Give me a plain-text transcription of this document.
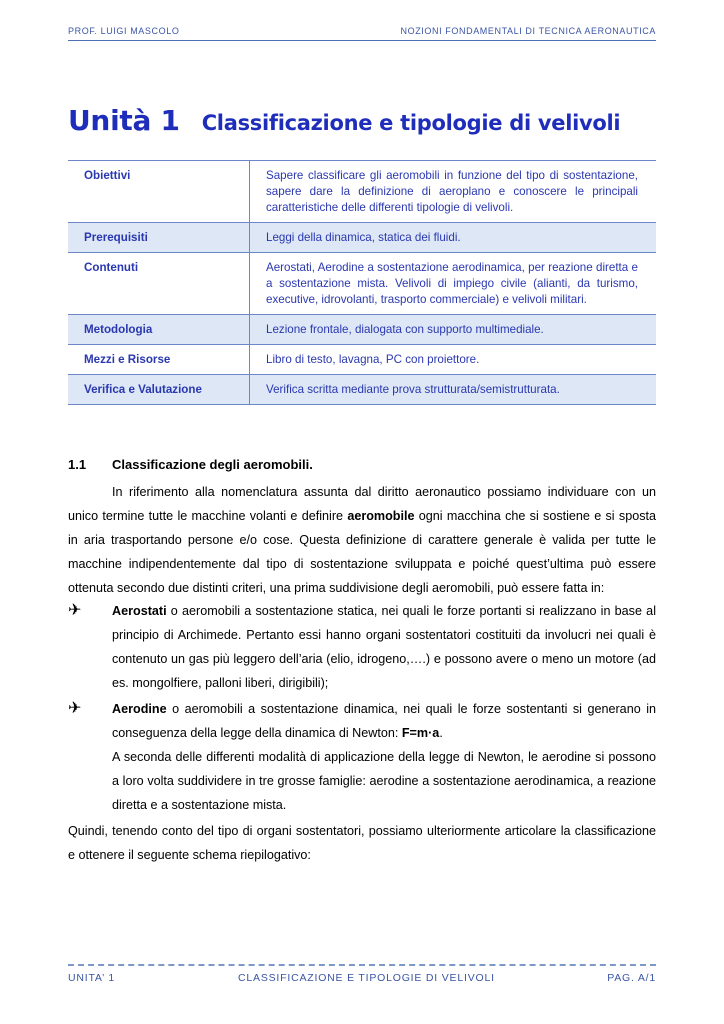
PROF. LUIGI MASCOLO	NOZIONI FONDAMENTALI DI TECNICA AERONAUTICA
Unità 1 Classificazione e tipologie di velivoli
Obiettivi	Sapere classificare gli aeromobili in funzione del tipo di sostentazione, sapere dare la definizione di aeroplano e conoscere le principali caratteristiche delle differenti tipologie di velivoli.
Prerequisiti	Leggi della dinamica, statica dei fluidi.
Contenuti	Aerostati, Aerodine a sostentazione aerodinamica, per reazione diretta e a sostentazione mista. Velivoli di impiego civile (alianti, da turismo, executive, idrovolanti, trasporto commerciale) e velivoli militari.
Metodologia	Lezione frontale, dialogata con supporto multimediale.
Mezzi e Risorse	Libro di testo, lavagna, PC con proiettore.
Verifica e Valutazione	Verifica scritta mediante prova strutturata/semistrutturata.
1.1 Classificazione degli aeromobili.
In riferimento alla nomenclatura assunta dal diritto aeronautico possiamo individuare con un unico termine tutte le macchine volanti e definire aeromobile ogni macchina che si sostiene e si sposta in aria trasportando persone e/o cose. Questa definizione di carattere generale è valida per tutte le macchine indipendentemente dal tipo di sostentazione sviluppata e poiché quest’ultima può essere ottenuta secondo due distinti criteri, una prima suddivisione degli aeromobili, può essere fatta in:
✈ Aerostati o aeromobili a sostentazione statica, nei quali le forze portanti si realizzano in base al principio di Archimede. Pertanto essi hanno organi sostentatori costituiti da involucri nei quali è contenuto un gas più leggero dell’aria (elio, idrogeno,….) e possono avere o meno un motore (ad es. mongolfiere, palloni liberi, dirigibili);
✈ Aerodine o aeromobili a sostentazione dinamica, nei quali le forze sostentanti si generano in conseguenza della legge della dinamica di Newton: F=m·a.
A seconda delle differenti modalità di applicazione della legge di Newton, le aerodine si possono a loro volta suddividere in tre grosse famiglie: aerodine a sostentazione aerodinamica, a reazione diretta e a sostentazione mista.
Quindi, tenendo conto del tipo di organi sostentatori, possiamo ulteriormente articolare la classificazione e ottenere il seguente schema riepilogativo:
UNITA’ 1	CLASSIFICAZIONE E TIPOLOGIE DI VELIVOLI	PAG. A/1
